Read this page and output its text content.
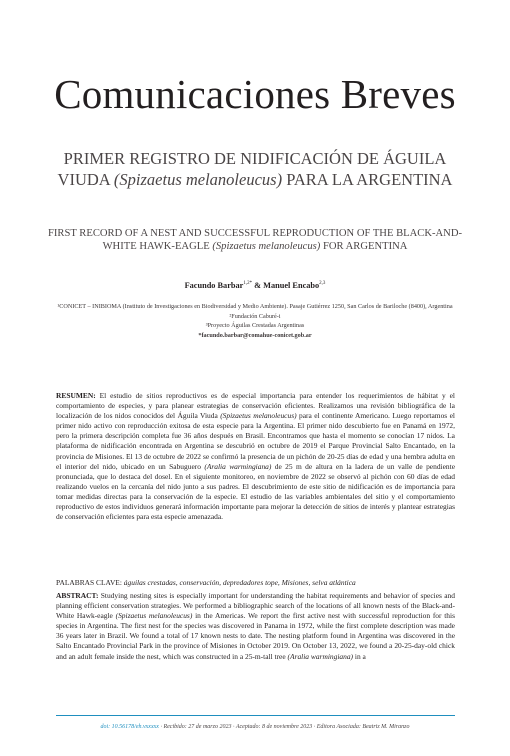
Comunicaciones Breves
PRIMER REGISTRO DE NIDIFICACIÓN DE ÁGUILA VIUDA (Spizaetus melanoleucus) PARA LA ARGENTINA
FIRST RECORD OF A NEST AND SUCCESSFUL REPRODUCTION OF THE BLACK-AND-WHITE HAWK-EAGLE (Spizaetus melanoleucus) FOR ARGENTINA
Facundo Barbar$^{1,2*}$ & Manuel Encabo$^{2,3}$

¹CONICET – INIBIOMA (Instituto de Investigaciones en Biodiversidad y Medio Ambiente). Pasaje Gutiérrez 1250, San Carlos de Bariloche (8400), Argentina

²Fundación Caburé-i

³Proyecto Águilas Crestadas Argentinas

*facundo.barbar@comahue-conicet.gob.ar

RESUMEN: El estudio de sitios reproductivos es de especial importancia para entender los requerimientos de hábitat y el comportamiento de especies, y para planear estrategias de conservación eficientes. Realizamos una revisión bibliográfica de la localización de los nidos conocidos del Águila Viuda (Spizaetus melanoleucus) para el continente Americano. Luego reportamos el primer nido activo con reproducción exitosa de esta especie para la Argentina. El primer nido descubierto fue en Panamá en 1972, pero la primera descripción completa fue 36 años después en Brasil. Encontramos que hasta el momento se conocían 17 nidos. La plataforma de nidificación encontrada en Argentina se descubrió en octubre de 2019 el Parque Provincial Salto Encantado, en la provincia de Misiones. El 13 de octubre de 2022 se confirmó la presencia de un pichón de 20-25 días de edad y una hembra adulta en el interior del nido, ubicado en un Sabuguero (Aralia warmingiana) de 25 m de altura en la ladera de un valle de pendiente pronunciada, que lo destaca del dosel. En el siguiente monitoreo, en noviembre de 2022 se observó al pichón con 60 días de edad realizando vuelos en la cercanía del nido junto a sus padres. El descubrimiento de este sitio de nidificación es de importancia para tomar medidas directas para la conservación de la especie. El estudio de las variables ambientales del sitio y el comportamiento reproductivo de estos individuos generará información importante para mejorar la detección de sitios de interés y plantear estrategias de conservación eficientes para esta especie amenazada.

PALABRAS CLAVE: águilas crestadas, conservación, depredadores tope, Misiones, selva atlántica

ABSTRACT: Studying nesting sites is especially important for understanding the habitat requirements and behavior of species and planning efficient conservation strategies. We performed a bibliographic search of the locations of all known nests of the Black-and-White Hawk-eagle (Spizaetus melanoleucus) in the Americas. We report the first active nest with successful reproduction for this species in Argentina. The first nest for the species was discovered in Panama in 1972, while the first complete description was made 36 years later in Brazil. We found a total of 17 known nests to date. The nesting platform found in Argentina was discovered in the Salto Encantado Provincial Park in the province of Misiones in October 2019. On October 13, 2022, we found a 20-25-day-old chick and an adult female inside the nest, which was constructed in a 25-m-tall tree (Aralia warmingiana) in a

doi: 10.56178/eh.vxxxxx · Recibido: 27 de marzo 2023 · Aceptado: 8 de noviembre 2023 · Editora Asociada: Beatriz M. Miranzo
